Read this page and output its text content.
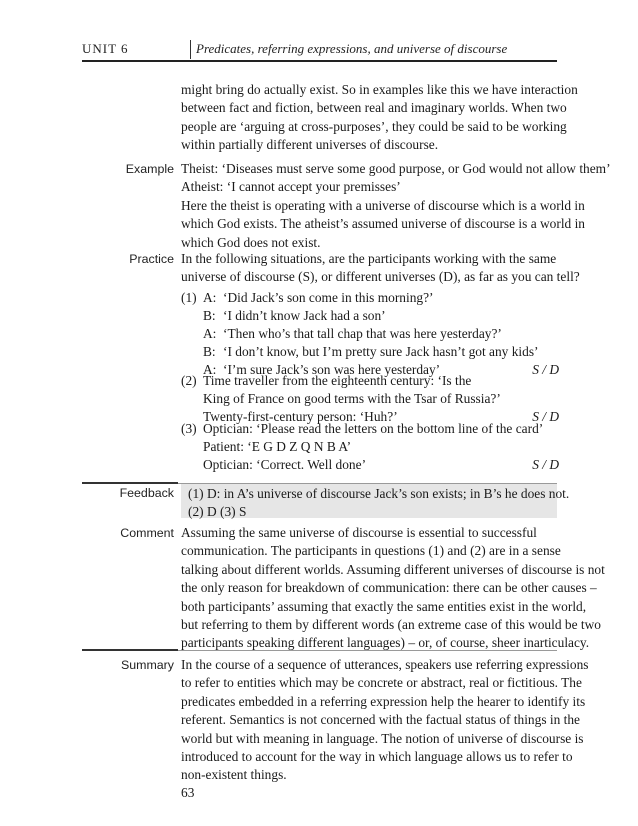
UNIT 6	Predicates, referring expressions, and universe of discourse
might bring do actually exist. So in examples like this we have interaction
between fact and fiction, between real and imaginary worlds. When two
people are ‘arguing at cross-purposes’, they could be said to be working
within partially different universes of discourse.
Example Theist: ‘Diseases must serve some good purpose, or God would not allow them’
Atheist: ‘I cannot accept your premisses’
Here the theist is operating with a universe of discourse which is a world in
which God exists. The atheist’s assumed universe of discourse is a world in
which God does not exist.
Practice In the following situations, are the participants working with the same
universe of discourse (S), or different universes (D), as far as you can tell?
(1) A: ‘Did Jack’s son come in this morning?’
B: ‘I didn’t know Jack had a son’
A: ‘Then who’s that tall chap that was here yesterday?’
B: ‘I don’t know, but I’m pretty sure Jack hasn’t got any kids’
A: ‘I’m sure Jack’s son was here yesterday’	S / D
(2) Time traveller from the eighteenth century: ‘Is the
King of France on good terms with the Tsar of Russia?’
Twenty-first-century person: ‘Huh?’	S / D
(3) Optician: ‘Please read the letters on the bottom line of the card’
Patient: ‘E G D Z Q N B A’
Optician: ‘Correct. Well done’	S / D
Feedback (1) D: in A’s universe of discourse Jack’s son exists; in B’s he does not.
(2) D (3) S
Comment Assuming the same universe of discourse is essential to successful
communication. The participants in questions (1) and (2) are in a sense
talking about different worlds. Assuming different universes of discourse is not
the only reason for breakdown of communication: there can be other causes –
both participants’ assuming that exactly the same entities exist in the world,
but referring to them by different words (an extreme case of this would be two
participants speaking different languages) – or, of course, sheer inarticulacy.
Summary In the course of a sequence of utterances, speakers use referring expressions
to refer to entities which may be concrete or abstract, real or fictitious. The
predicates embedded in a referring expression help the hearer to identify its
referent. Semantics is not concerned with the factual status of things in the
world but with meaning in language. The notion of universe of discourse is
introduced to account for the way in which language allows us to refer to
non-existent things.
63
